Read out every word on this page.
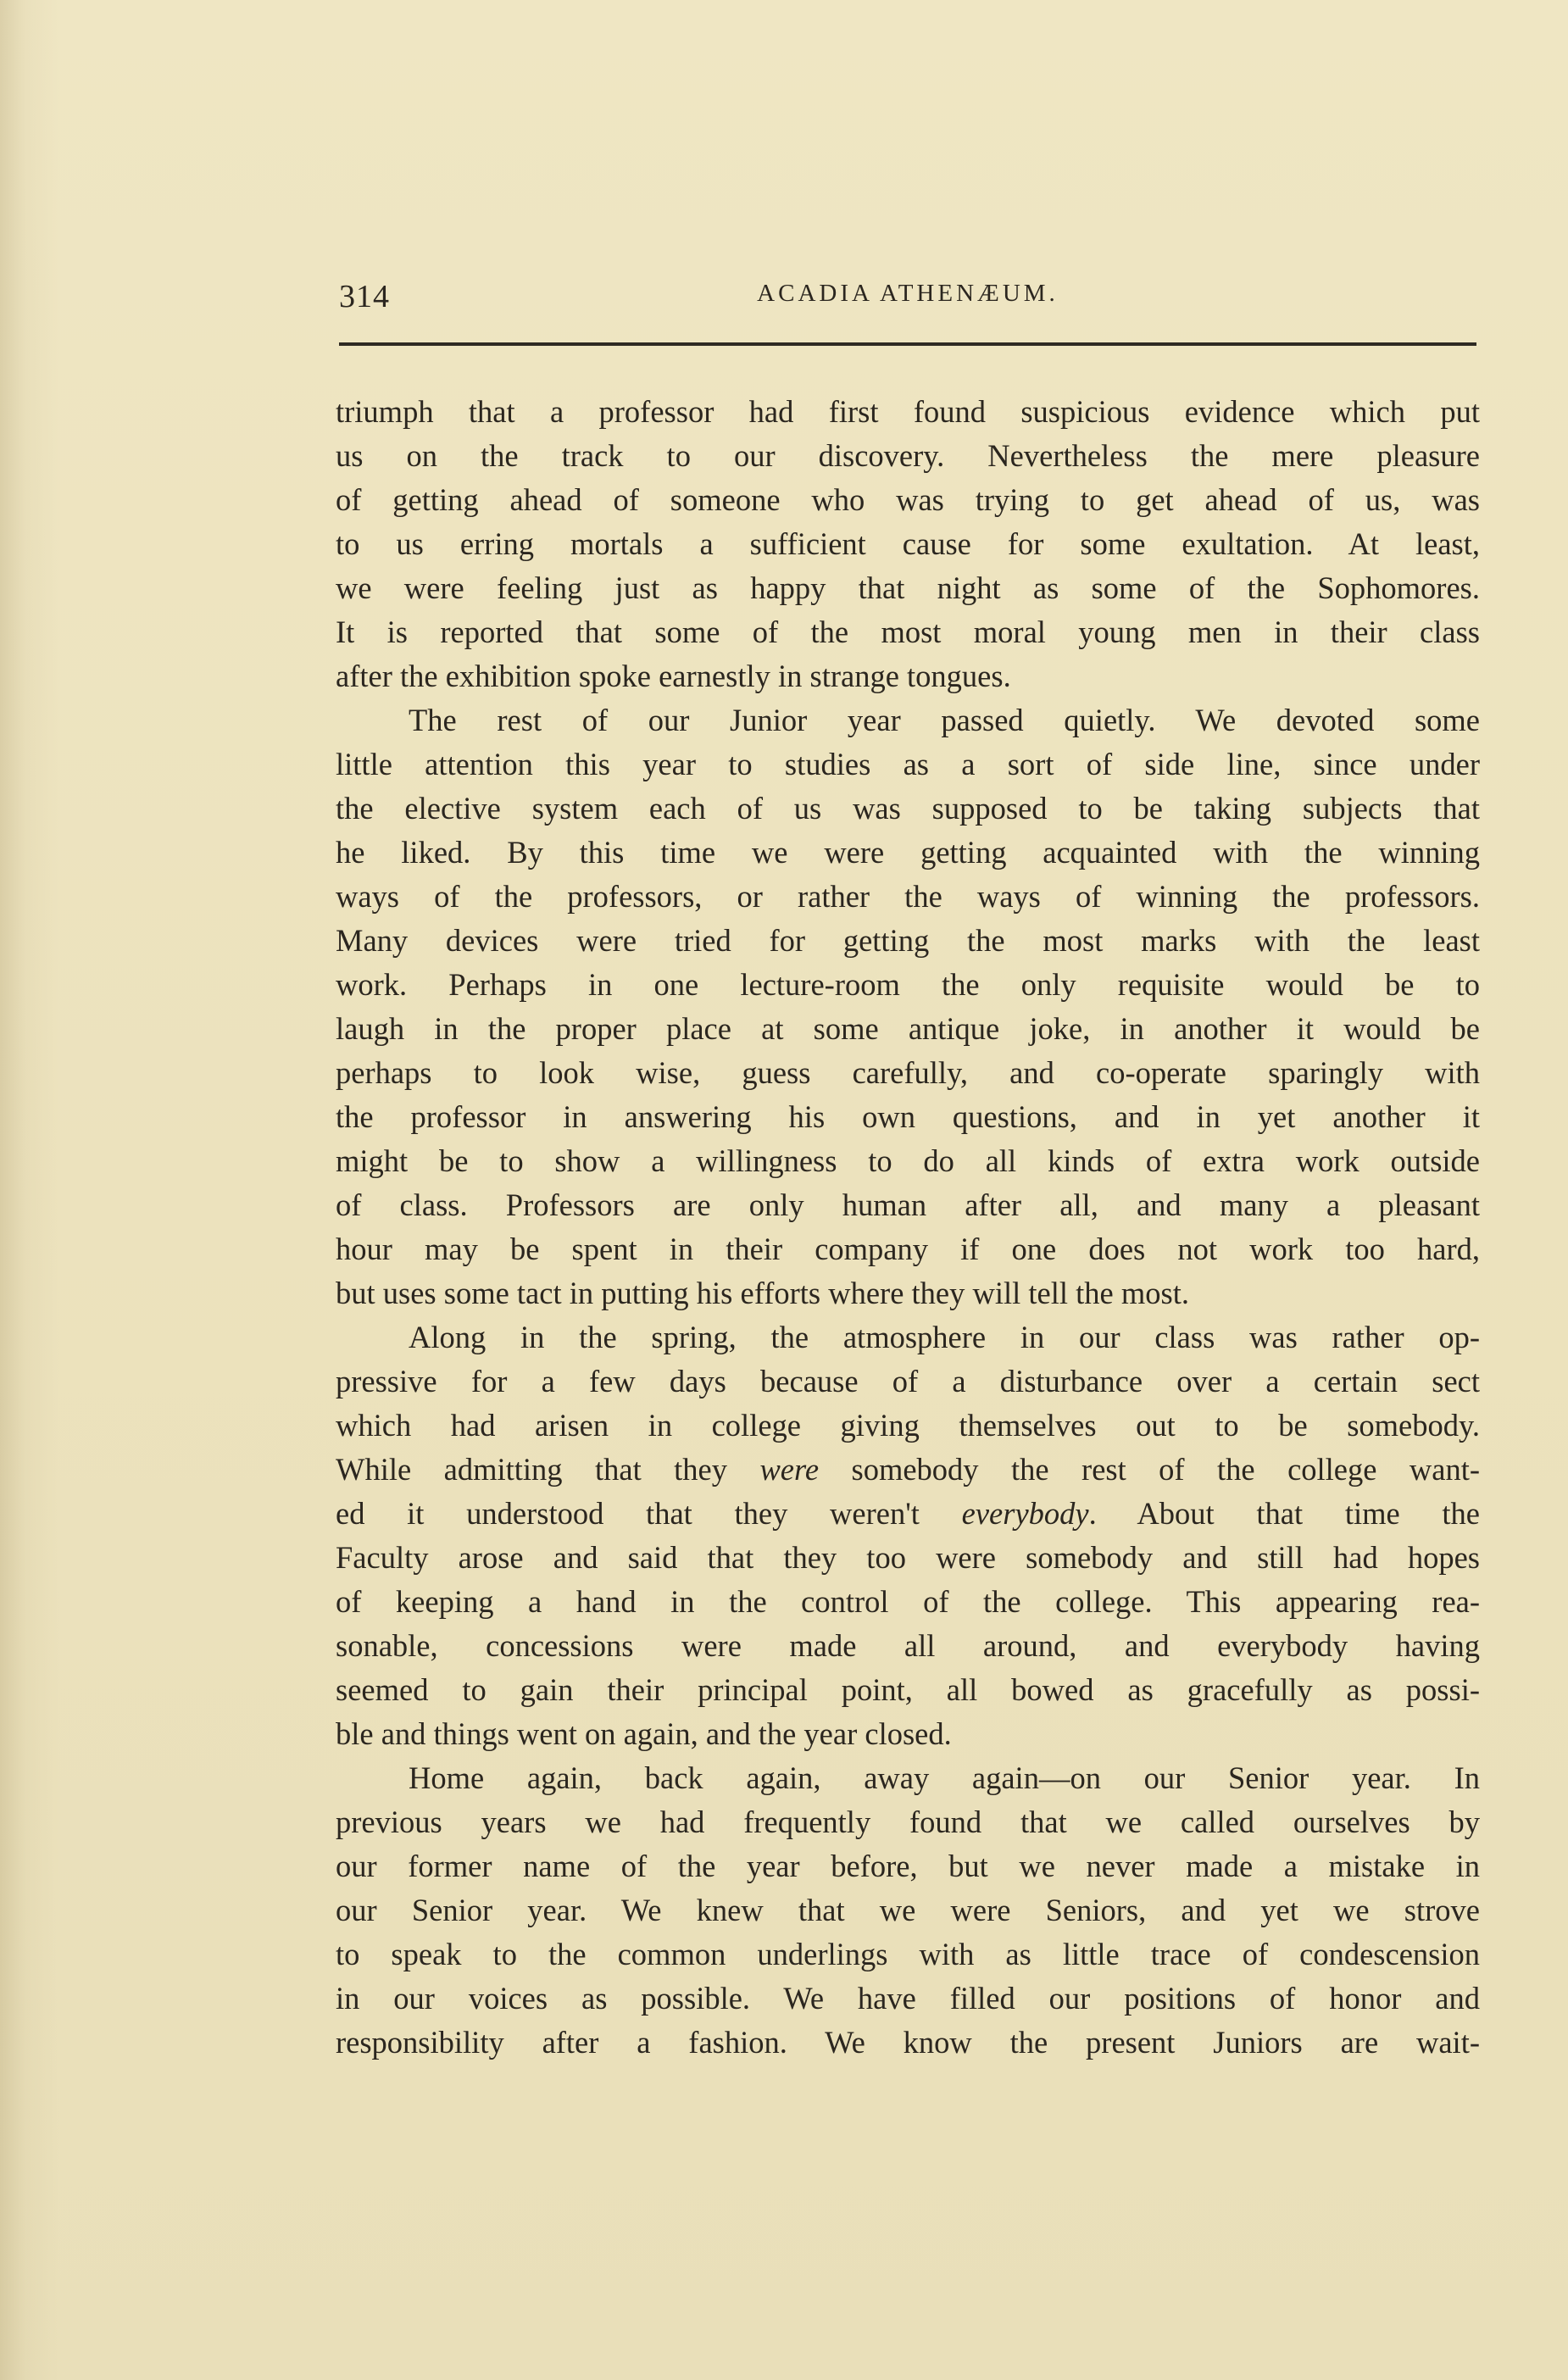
314	ACADIA ATHENÆUM.
triumph that a professor had first found suspicious evidence which put
us on the track to our discovery. Nevertheless the mere pleasure
of getting ahead of someone who was trying to get ahead of us, was
to us erring mortals a sufficient cause for some exultation. At least,
we were feeling just as happy that night as some of the Sophomores.
It is reported that some of the most moral young men in their class
after the exhibition spoke earnestly in strange tongues.
The rest of our Junior year passed quietly. We devoted some
little attention this year to studies as a sort of side line, since under
the elective system each of us was supposed to be taking subjects that
he liked. By this time we were getting acquainted with the winning
ways of the professors, or rather the ways of winning the professors.
Many devices were tried for getting the most marks with the least
work. Perhaps in one lecture-room the only requisite would be to
laugh in the proper place at some antique joke, in another it would be
perhaps to look wise, guess carefully, and co-operate sparingly with
the professor in answering his own questions, and in yet another it
might be to show a willingness to do all kinds of extra work outside
of class. Professors are only human after all, and many a pleasant
hour may be spent in their company if one does not work too hard,
but uses some tact in putting his efforts where they will tell the most.
Along in the spring, the atmosphere in our class was rather op-
pressive for a few days because of a disturbance over a certain sect
which had arisen in college giving themselves out to be somebody.
While admitting that they were somebody the rest of the college want-
ed it understood that they weren't everybody. About that time the
Faculty arose and said that they too were somebody and still had hopes
of keeping a hand in the control of the college. This appearing rea-
sonable, concessions were made all around, and everybody having
seemed to gain their principal point, all bowed as gracefully as possi-
ble and things went on again, and the year closed.
Home again, back again, away again—on our Senior year. In
previous years we had frequently found that we called ourselves by
our former name of the year before, but we never made a mistake in
our Senior year. We knew that we were Seniors, and yet we strove
to speak to the common underlings with as little trace of condescension
in our voices as possible. We have filled our positions of honor and
responsibility after a fashion. We know the present Juniors are wait-
